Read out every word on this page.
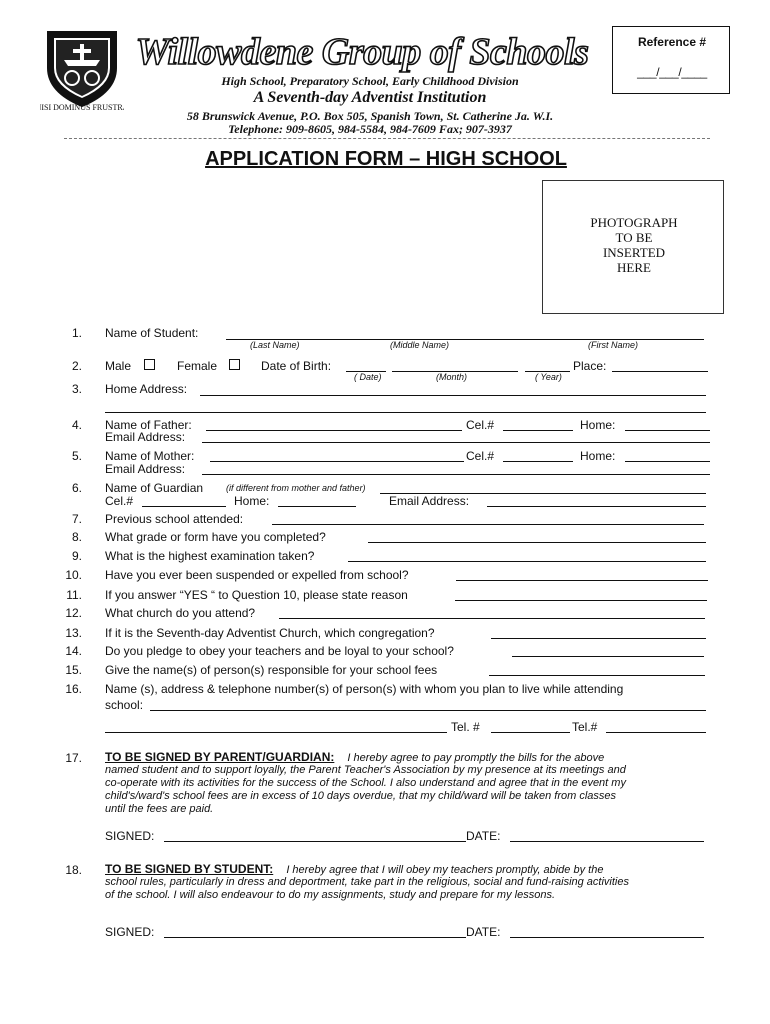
NISI DOMINUS FRUSTRA
Willowdene Group of Schools
High School, Preparatory School, Early Childhood Division
A Seventh-day Adventist Institution
58 Brunswick Avenue, P.O. Box 505, Spanish Town, St. Catherine Ja. W.I.
Telephone: 909-8605, 984-5584, 984-7609 Fax; 907-3937
Reference #
___/___/____
APPLICATION FORM – HIGH SCHOOL
PHOTOGRAPH
TO BE
INSERTED
HERE
1. Name of Student:
(Last Name)	(Middle Name)	(First Name)
2. Male	Female	Date of Birth:
( Date)	(Month)	( Year)
Place:
3. Home Address:
4. Name of Father:	Cel.#	Home:
Email Address:
5. Name of Mother:	Cel.#	Home:
Email Address:
6. Name of Guardian	(if different from mother and father)
Cel.#	Home:	Email Address:
7. Previous school attended:
8. What grade or form have you completed?
9. What is the highest examination taken?
10. Have you ever been suspended or expelled from school?
11. If you answer “YES “ to Question 10, please state reason
12. What church do you attend?
13. If it is the Seventh-day Adventist Church, which congregation?
14. Do you pledge to obey your teachers and be loyal to your school?
15. Give the name(s) of person(s) responsible for your school fees
16. Name (s), address & telephone number(s) of person(s) with whom you plan to live while attending
school:
Tel. #	Tel.#
17. TO BE SIGNED BY PARENT/GUARDIAN: I hereby agree to pay promptly the bills for the above
named student and to support loyally, the Parent Teacher's Association by my presence at its meetings and
co-operate with its activities for the success of the School. I also understand and agree that in the event my
child's/ward's school fees are in excess of 10 days overdue, that my child/ward will be taken from classes
until the fees are paid.
SIGNED:	DATE:
18. TO BE SIGNED BY STUDENT: I hereby agree that I will obey my teachers promptly, abide by the
school rules, particularly in dress and deportment, take part in the religious, social and fund-raising activities
of the school. I will also endeavour to do my assignments, study and prepare for my lessons.
SIGNED:	DATE:
